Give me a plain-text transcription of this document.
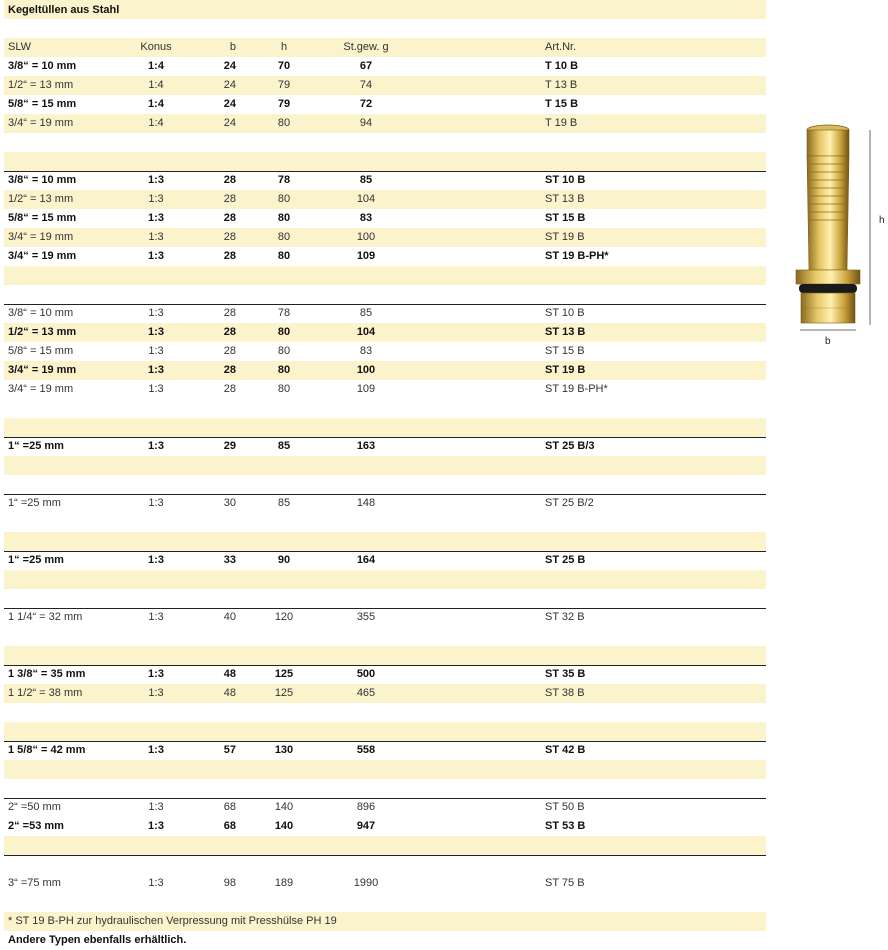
SLW	Konus	b	h	St.gew. g	Art.Nr.
3/8“ = 10 mm	1:4	24	70	67	T 10 B
1/2“ = 13 mm	1:4	24	79	74	T 13 B
5/8“ = 15 mm	1:4	24	79	72	T 15 B
3/4“ = 19 mm	1:4	24	80	94	T 19 B
3/8“ = 10 mm	1:3	28	78	85	ST 10 B
1/2“ = 13 mm	1:3	28	80	104	ST 13 B
5/8“ = 15 mm	1:3	28	80	83	ST 15 B
3/4“ = 19 mm	1:3	28	80	100	ST 19 B
3/4“ = 19 mm	1:3	28	80	109	ST 19 B-PH*
3/8“ = 10 mm	1:3	28	78	85	ST 10 B
1/2“ = 13 mm	1:3	28	80	104	ST 13 B
5/8“ = 15 mm	1:3	28	80	83	ST 15 B
3/4“ = 19 mm	1:3	28	80	100	ST 19 B
3/4“ = 19 mm	1:3	28	80	109	ST 19 B-PH*
1“ =25 mm	1:3	29	85	163	ST 25 B/3
1“ =25 mm	1:3	30	85	148	ST 25 B/2
1“ =25 mm	1:3	33	90	164	ST 25 B
1 1/4“ = 32 mm	1:3	40	120	355	ST 32 B
1 3/8“ = 35 mm	1:3	48	125	500	ST 35 B
1 1/2“ = 38 mm	1:3	48	125	465	ST 38 B
1 5/8“ = 42 mm	1:3	57	130	558	ST 42 B
2“ =50 mm	1:3	68	140	896	ST 50 B
2“ =53 mm	1:3	68	140	947	ST 53 B
3“ =75 mm	1:3	98	189	1990	ST 75 B
Kegeltüllen aus Stahl
* ST 19 B-PH zur hydraulischen Verpressung mit Presshülse PH 19
Andere Typen ebenfalls erhältlich.
h
b
